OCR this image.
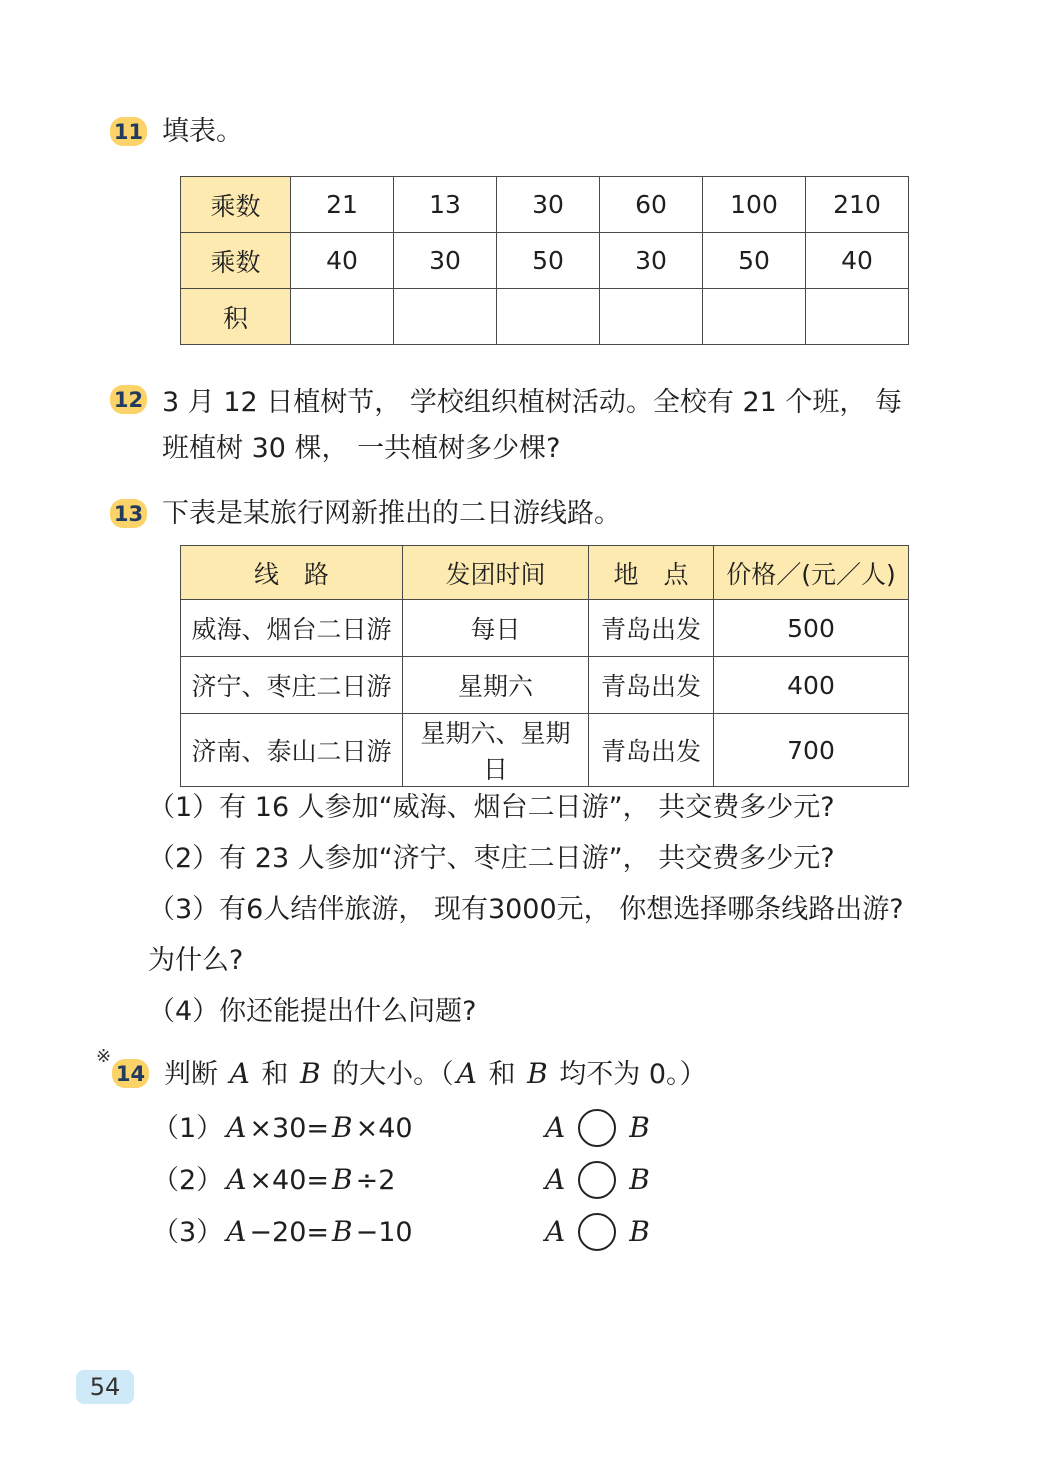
11 填表。
乘数	21	13	30	60	100	210
乘数	40	30	50	30	50	40
积						
12 3 月 12 日植树节， 学校组织植树活动。全校有 21 个班， 每
班植树 30 棵， 一共植树多少棵?
13 下表是某旅行网新推出的二日游线路。
线　路	发团时间	地　点	价格／(元／人)
威海、烟台二日游	每日	青岛出发	500
济宁、枣庄二日游	星期六	青岛出发	400
济南、泰山二日游	星期六、星期日	青岛出发	700
（1）有 16 人参加“威海、烟台二日游”， 共交费多少元?
（2）有 23 人参加“济宁、枣庄二日游”， 共交费多少元?
（3）有6人结伴旅游， 现有3000元， 你想选择哪条线路出游?
为什么?
（4）你还能提出什么问题?
※
14 判断 A 和 B 的大小。（ A 和 B 均不为 0。）
（1） A ×30= B ×40	A B
（2） A ×40= B ÷2	A B
（3） A −20= B −10	A B
54
